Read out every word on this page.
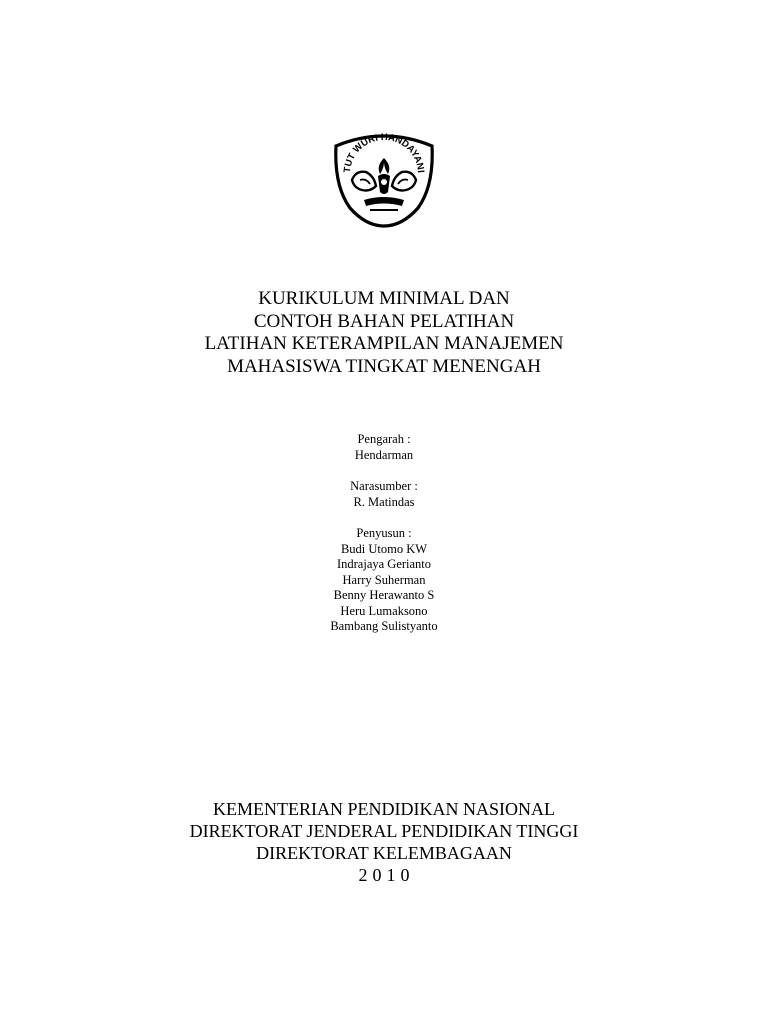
TUT WURI HANDAYANI
KURIKULUM MINIMAL DAN
CONTOH BAHAN PELATIHAN
LATIHAN KETERAMPILAN MANAJEMEN
MAHASISWA TINGKAT MENENGAH
Pengarah :
Hendarman
Narasumber :
R. Matindas
Penyusun :
Budi Utomo KW
Indrajaya Gerianto
Harry Suherman
Benny Herawanto S
Heru Lumaksono
Bambang Sulistyanto
KEMENTERIAN PENDIDIKAN NASIONAL
DIREKTORAT JENDERAL PENDIDIKAN TINGGI
DIREKTORAT KELEMBAGAAN
2010
